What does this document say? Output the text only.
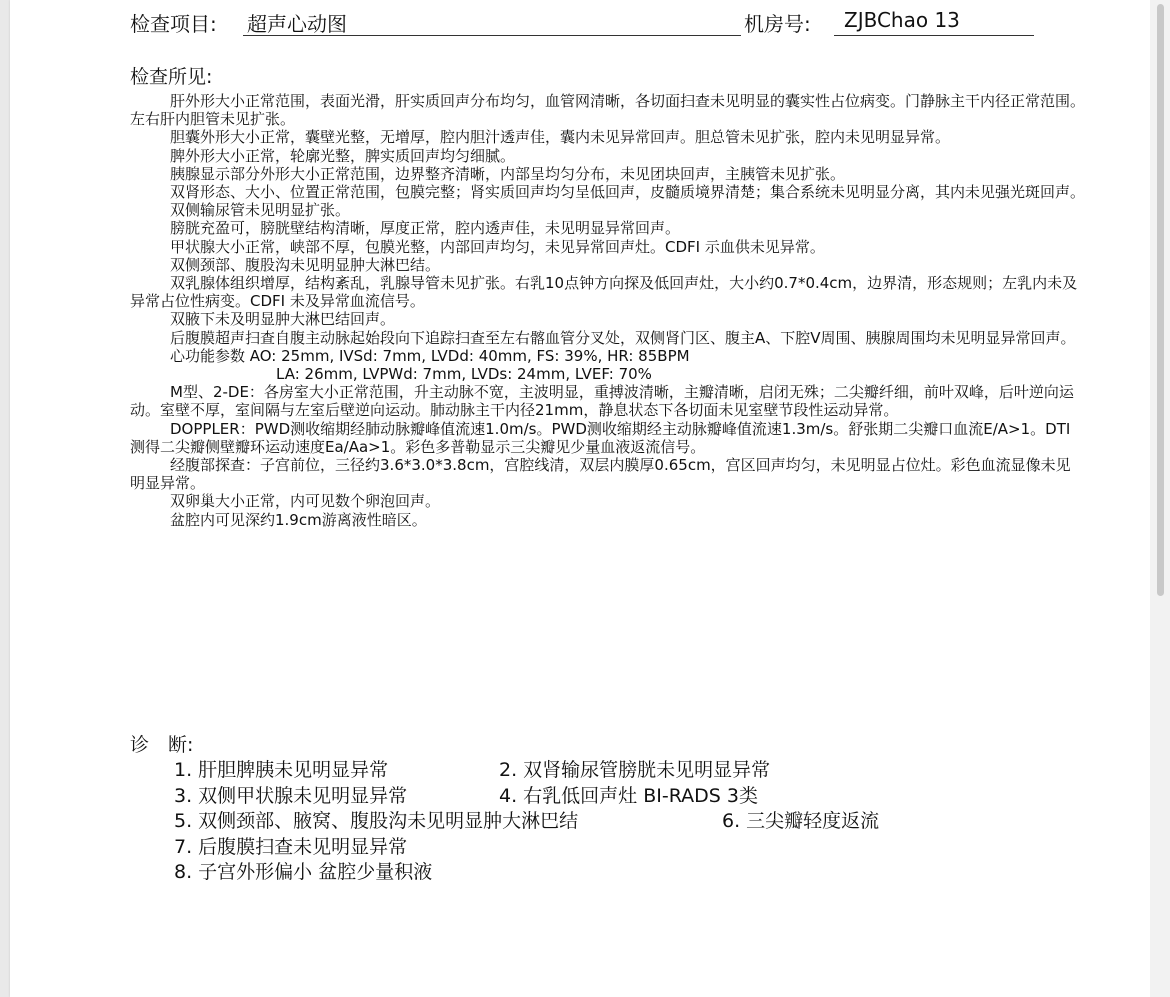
检查项目: 超声心动图	机房号:	ZJBChao 13
检查所见:

肝外形大小正常范围，表面光滑，肝实质回声分布均匀，血管网清晰，各切面扫查未见明显的囊实性占位病变。门静脉主干内径正常范围。左右肝内胆管未见扩张。

胆囊外形大小正常，囊壁光整，无增厚，腔内胆汁透声佳，囊内未见异常回声。胆总管未见扩张，腔内未见明显异常。

脾外形大小正常，轮廓光整，脾实质回声均匀细腻。

胰腺显示部分外形大小正常范围，边界整齐清晰，内部呈均匀分布，未见团块回声，主胰管未见扩张。

双肾形态、大小、位置正常范围，包膜完整；肾实质回声均匀呈低回声，皮髓质境界清楚；集合系统未见明显分离，其内未见强光斑回声。

双侧输尿管未见明显扩张。

膀胱充盈可，膀胱壁结构清晰，厚度正常，腔内透声佳，未见明显异常回声。

甲状腺大小正常，峡部不厚，包膜光整，内部回声均匀，未见异常回声灶。CDFI 示血供未见异常。

双侧颈部、腹股沟未见明显肿大淋巴结。

双乳腺体组织增厚，结构紊乱，乳腺导管未见扩张。右乳10点钟方向探及低回声灶，大小约0.7*0.4cm，边界清，形态规则；左乳内未及异常占位性病变。CDFI 未及异常血流信号。

双腋下未及明显肿大淋巴结回声。

后腹膜超声扫查自腹主动脉起始段向下追踪扫查至左右髂血管分叉处，双侧肾门区、腹主A、下腔V周围、胰腺周围均未见明显异常回声。

心功能参数 AO: 25mm, IVSd: 7mm, LVDd: 40mm, FS: 39%, HR: 85BPM

LA: 26mm, LVPWd: 7mm, LVDs: 24mm, LVEF: 70%

M型、2-DE：各房室大小正常范围，升主动脉不宽，主波明显，重搏波清晰，主瓣清晰，启闭无殊；二尖瓣纤细，前叶双峰，后叶逆向运动。室壁不厚，室间隔与左室后壁逆向运动。肺动脉主干内径21mm，静息状态下各切面未见室壁节段性运动异常。

DOPPLER：PWD测收缩期经肺动脉瓣峰值流速1.0m/s。PWD测收缩期经主动脉瓣峰值流速1.3m/s。舒张期二尖瓣口血流E/A>1。DTI 测得二尖瓣侧壁瓣环运动速度Ea/Aa>1。彩色多普勒显示三尖瓣见少量血液返流信号。

经腹部探查：子宫前位，三径约3.6*3.0*3.8cm，宫腔线清，双层内膜厚0.65cm，宫区回声均匀，未见明显占位灶。彩色血流显像未见明显异常。

双卵巢大小正常，内可见数个卵泡回声。

盆腔内可见深约1.9cm游离液性暗区。

诊　断:
1. 肝胆脾胰未见明显异常	2. 双肾输尿管膀胱未见明显异常
3. 双侧甲状腺未见明显异常	4. 右乳低回声灶 BI-RADS 3类
5. 双侧颈部、腋窝、腹股沟未见明显肿大淋巴结	6. 三尖瓣轻度返流
7. 后腹膜扫查未见明显异常
8. 子宫外形偏小 盆腔少量积液
